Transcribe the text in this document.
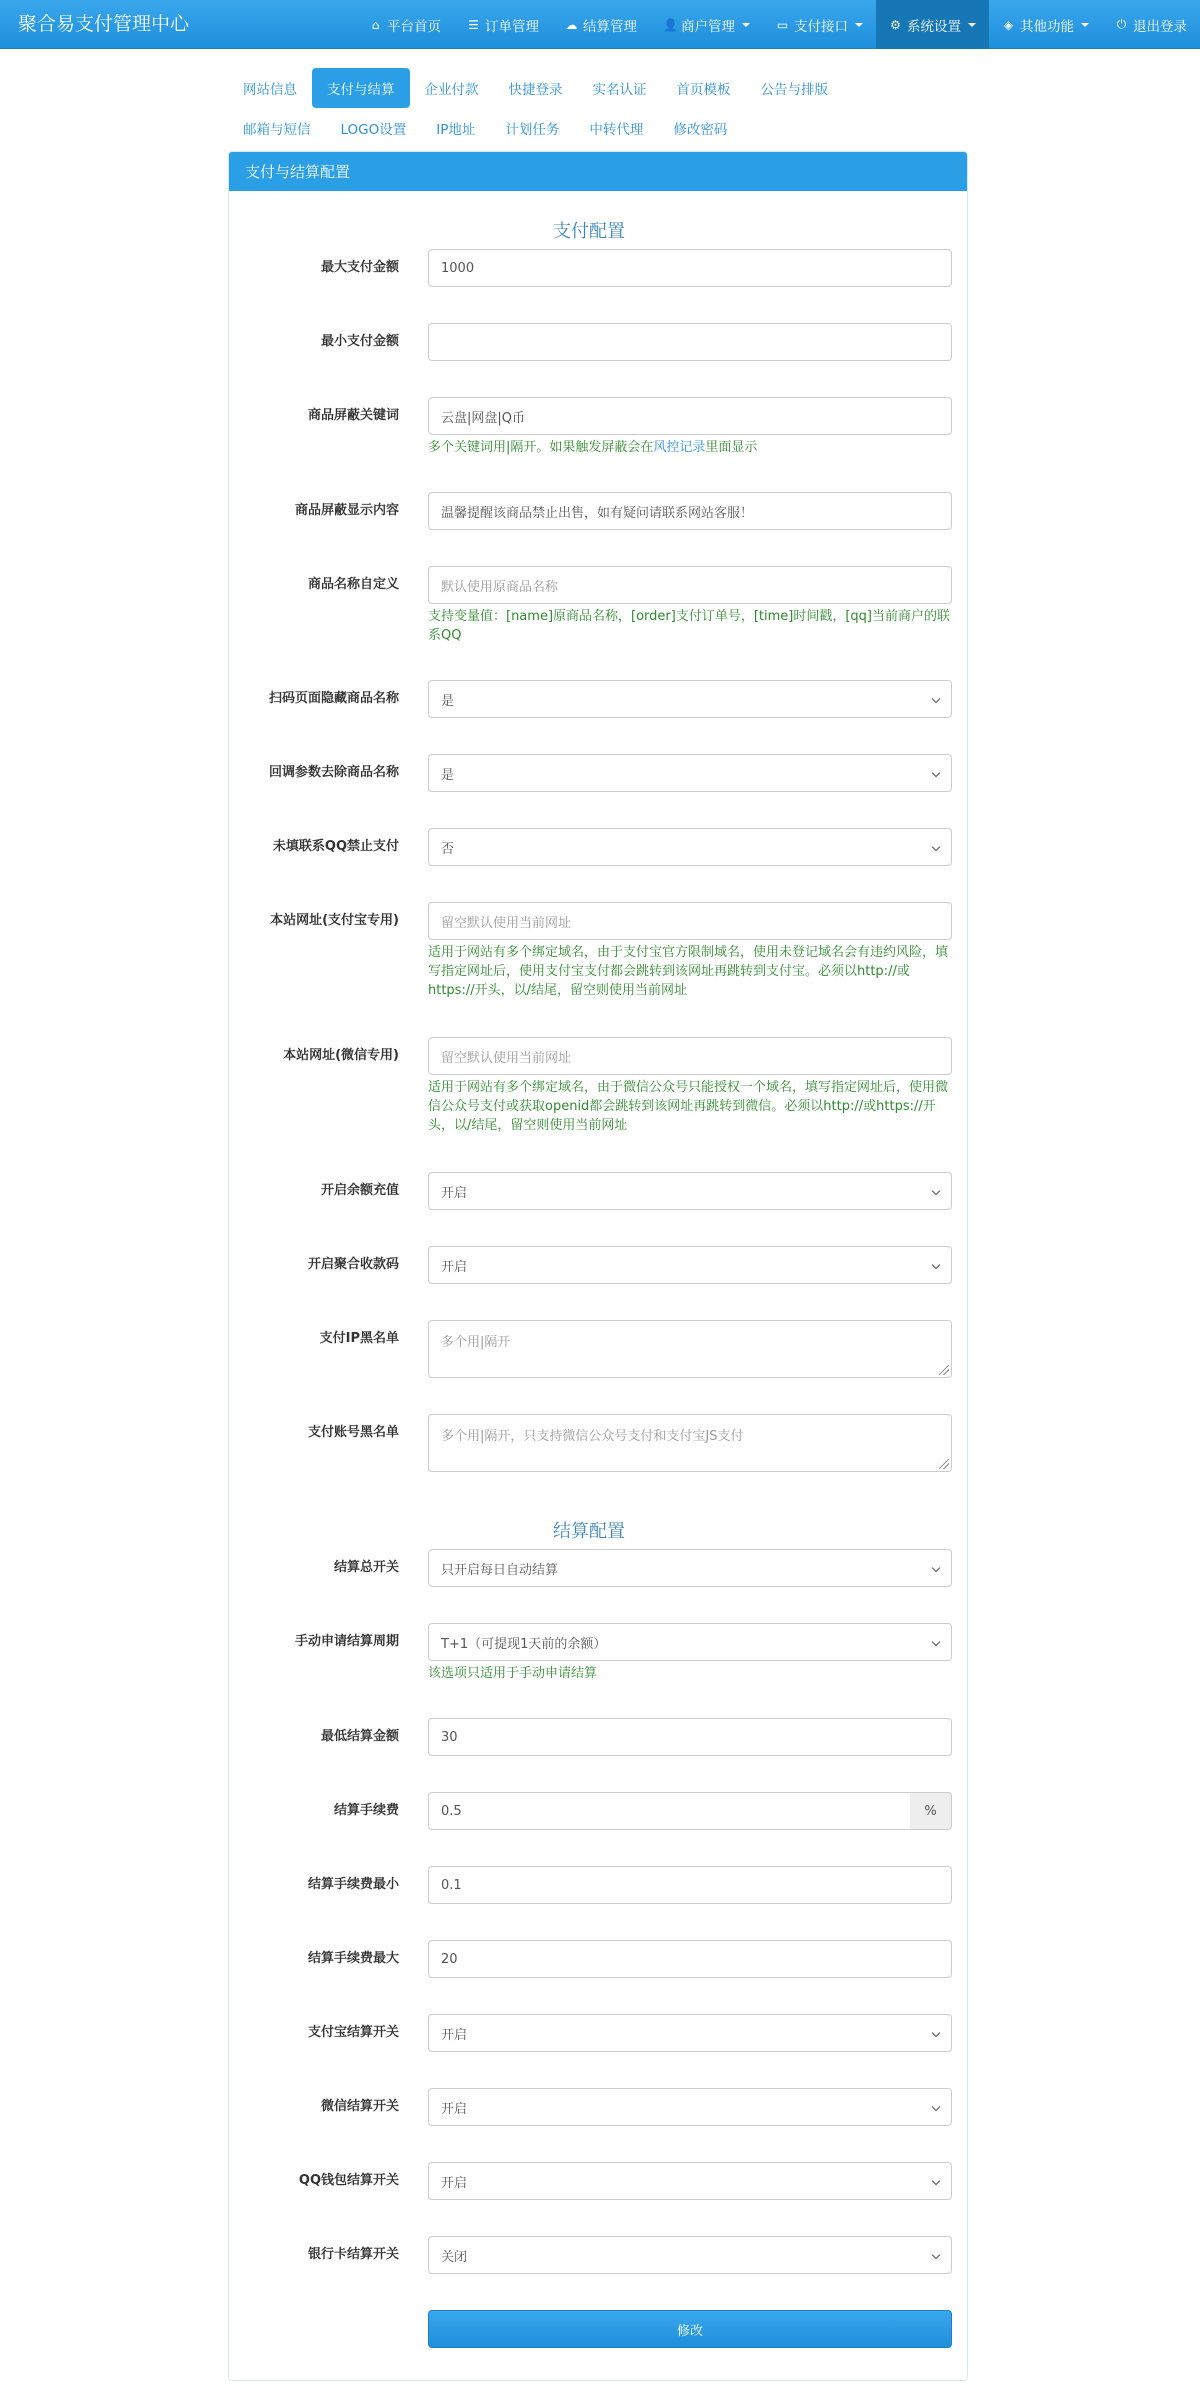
聚合易支付管理中心	⌂ 平台首页 ☰ 订单管理 ☁ 结算管理 👤 商户管理	▭ 支付接口	⚙ 系统设置	◈ 其他功能	⏻ 退出登录
网站信息	支付与结算	企业付款	快捷登录	实名认证	首页模板	公告与排版
邮箱与短信	LOGO设置	IP地址	计划任务	中转代理	修改密码
支付与结算配置
支付配置
最大支付金额	1000
最小支付金额
商品屏蔽关键词	云盘|网盘|Q币
多个关键词用|隔开。如果触发屏蔽会在风控记录里面显示
商品屏蔽显示内容	温馨提醒该商品禁止出售，如有疑问请联系网站客服！
商品名称自定义	默认使用原商品名称
支持变量值：[name]原商品名称，[order]支付订单号，[time]时间戳，[qq]当前商户的联系QQ
扫码页面隐藏商品名称	是
回调参数去除商品名称	是
未填联系QQ禁止支付	否
本站网址(支付宝专用)	留空默认使用当前网址
适用于网站有多个绑定域名，由于支付宝官方限制域名，使用未登记域名会有违约风险，填写指定网址后，使用支付宝支付都会跳转到该网址再跳转到支付宝。必须以http://或https://开头，以/结尾，留空则使用当前网址
本站网址(微信专用)	留空默认使用当前网址
适用于网站有多个绑定域名，由于微信公众号只能授权一个域名，填写指定网址后，使用微信公众号支付或获取openid都会跳转到该网址再跳转到微信。必须以http://或https://开头，以/结尾，留空则使用当前网址
开启余额充值	开启
开启聚合收款码	开启
支付IP黑名单	多个用|隔开
支付账号黑名单	多个用|隔开，只支持微信公众号支付和支付宝JS支付
结算配置
结算总开关	只开启每日自动结算
手动申请结算周期	T+1（可提现1天前的余额）
该选项只适用于手动申请结算
最低结算金额	30
结算手续费	0.5	%
结算手续费最小	0.1
结算手续费最大	20
支付宝结算开关	开启
微信结算开关	开启
QQ钱包结算开关	开启
银行卡结算开关	关闭
修改
